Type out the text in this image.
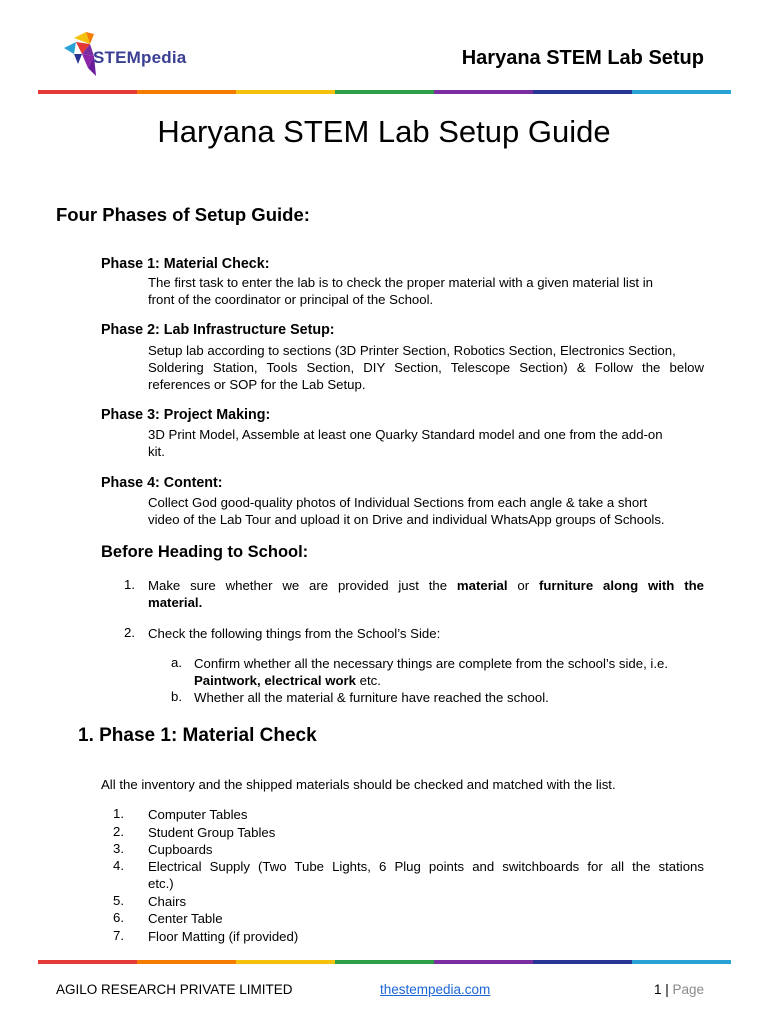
STEMpedia	Haryana STEM Lab Setup
Haryana STEM Lab Setup Guide
Four Phases of Setup Guide:
Phase 1: Material Check:
The first task to enter the lab is to check the proper material with a given material list in
front of the coordinator or principal of the School.
Phase 2: Lab Infrastructure Setup:
Setup lab according to sections (3D Printer Section, Robotics Section, Electronics Section,
Soldering Station, Tools Section, DIY Section, Telescope Section) & Follow the below
references or SOP for the Lab Setup.
Phase 3: Project Making:
3D Print Model, Assemble at least one Quarky Standard model and one from the add-on
kit.
Phase 4: Content:
Collect God good-quality photos of Individual Sections from each angle & take a short
video of the Lab Tour and upload it on Drive and individual WhatsApp groups of Schools.
Before Heading to School:
1. Make sure whether we are provided just the material or furniture along with the
material.
2. Check the following things from the School’s Side:
a. Confirm whether all the necessary things are complete from the school’s side, i.e.
Paintwork, electrical work etc.
b. Whether all the material & furniture have reached the school.
1. Phase 1: Material Check
All the inventory and the shipped materials should be checked and matched with the list.
1. Computer Tables
2. Student Group Tables
3. Cupboards
4. Electrical Supply (Two Tube Lights, 6 Plug points and switchboards for all the stations
etc.)
5. Chairs
6. Center Table
7. Floor Matting (if provided)
AGILO RESEARCH PRIVATE LIMITED	thestempedia.com	1 | Page
